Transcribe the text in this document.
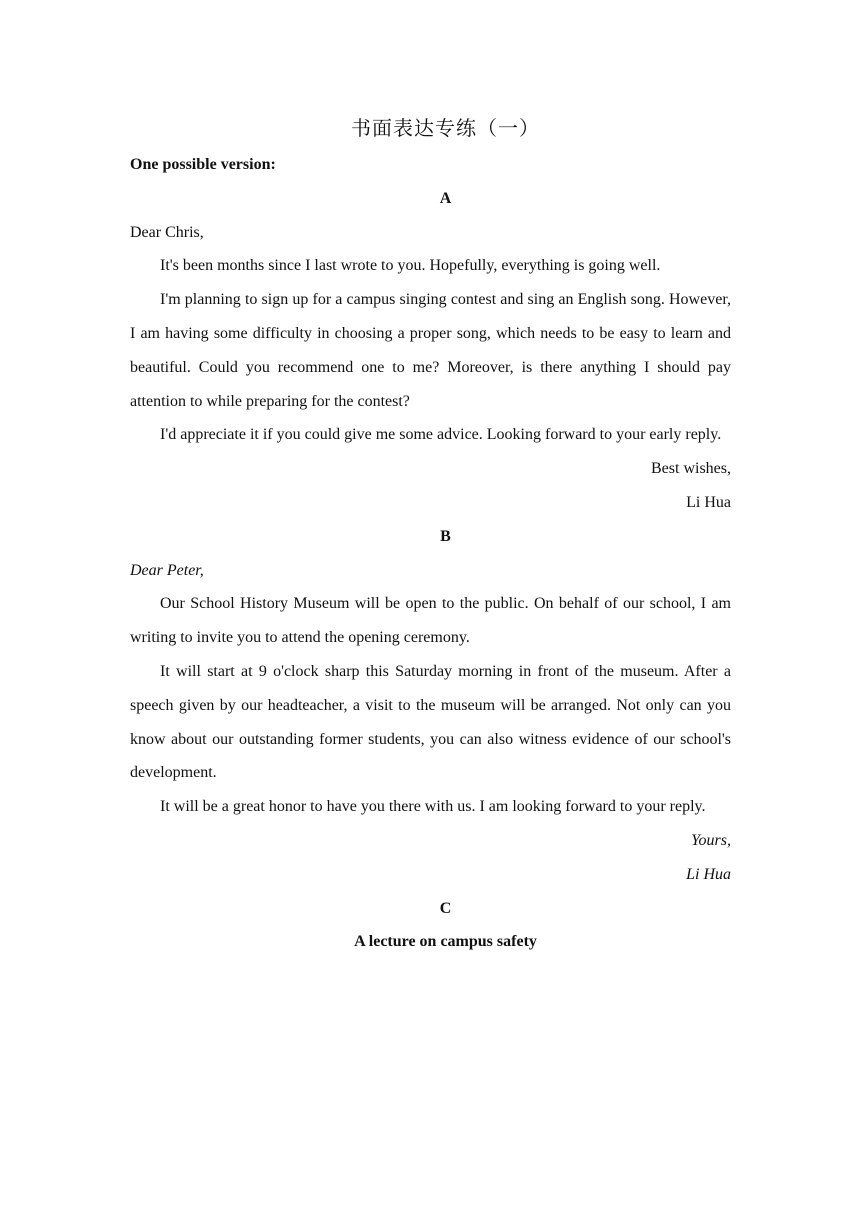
书面表达专练（一）
One possible version:
A
Dear Chris,

It's been months since I last wrote to you. Hopefully, everything is going well.

I'm planning to sign up for a campus singing contest and sing an English song. However, I am having some difficulty in choosing a proper song, which needs to be easy to learn and beautiful. Could you recommend one to me? Moreover, is there anything I should pay attention to while preparing for the contest?

I'd appreciate it if you could give me some advice. Looking forward to your early reply.

Best wishes,
Li Hua
B
Dear Peter,

Our School History Museum will be open to the public. On behalf of our school, I am writing to invite you to attend the opening ceremony.

It will start at 9 o'clock sharp this Saturday morning in front of the museum. After a speech given by our headteacher, a visit to the museum will be arranged. Not only can you know about our outstanding former students, you can also witness evidence of our school's development.

It will be a great honor to have you there with us. I am looking forward to your reply.

Yours,
Li Hua
C
A lecture on campus safety
